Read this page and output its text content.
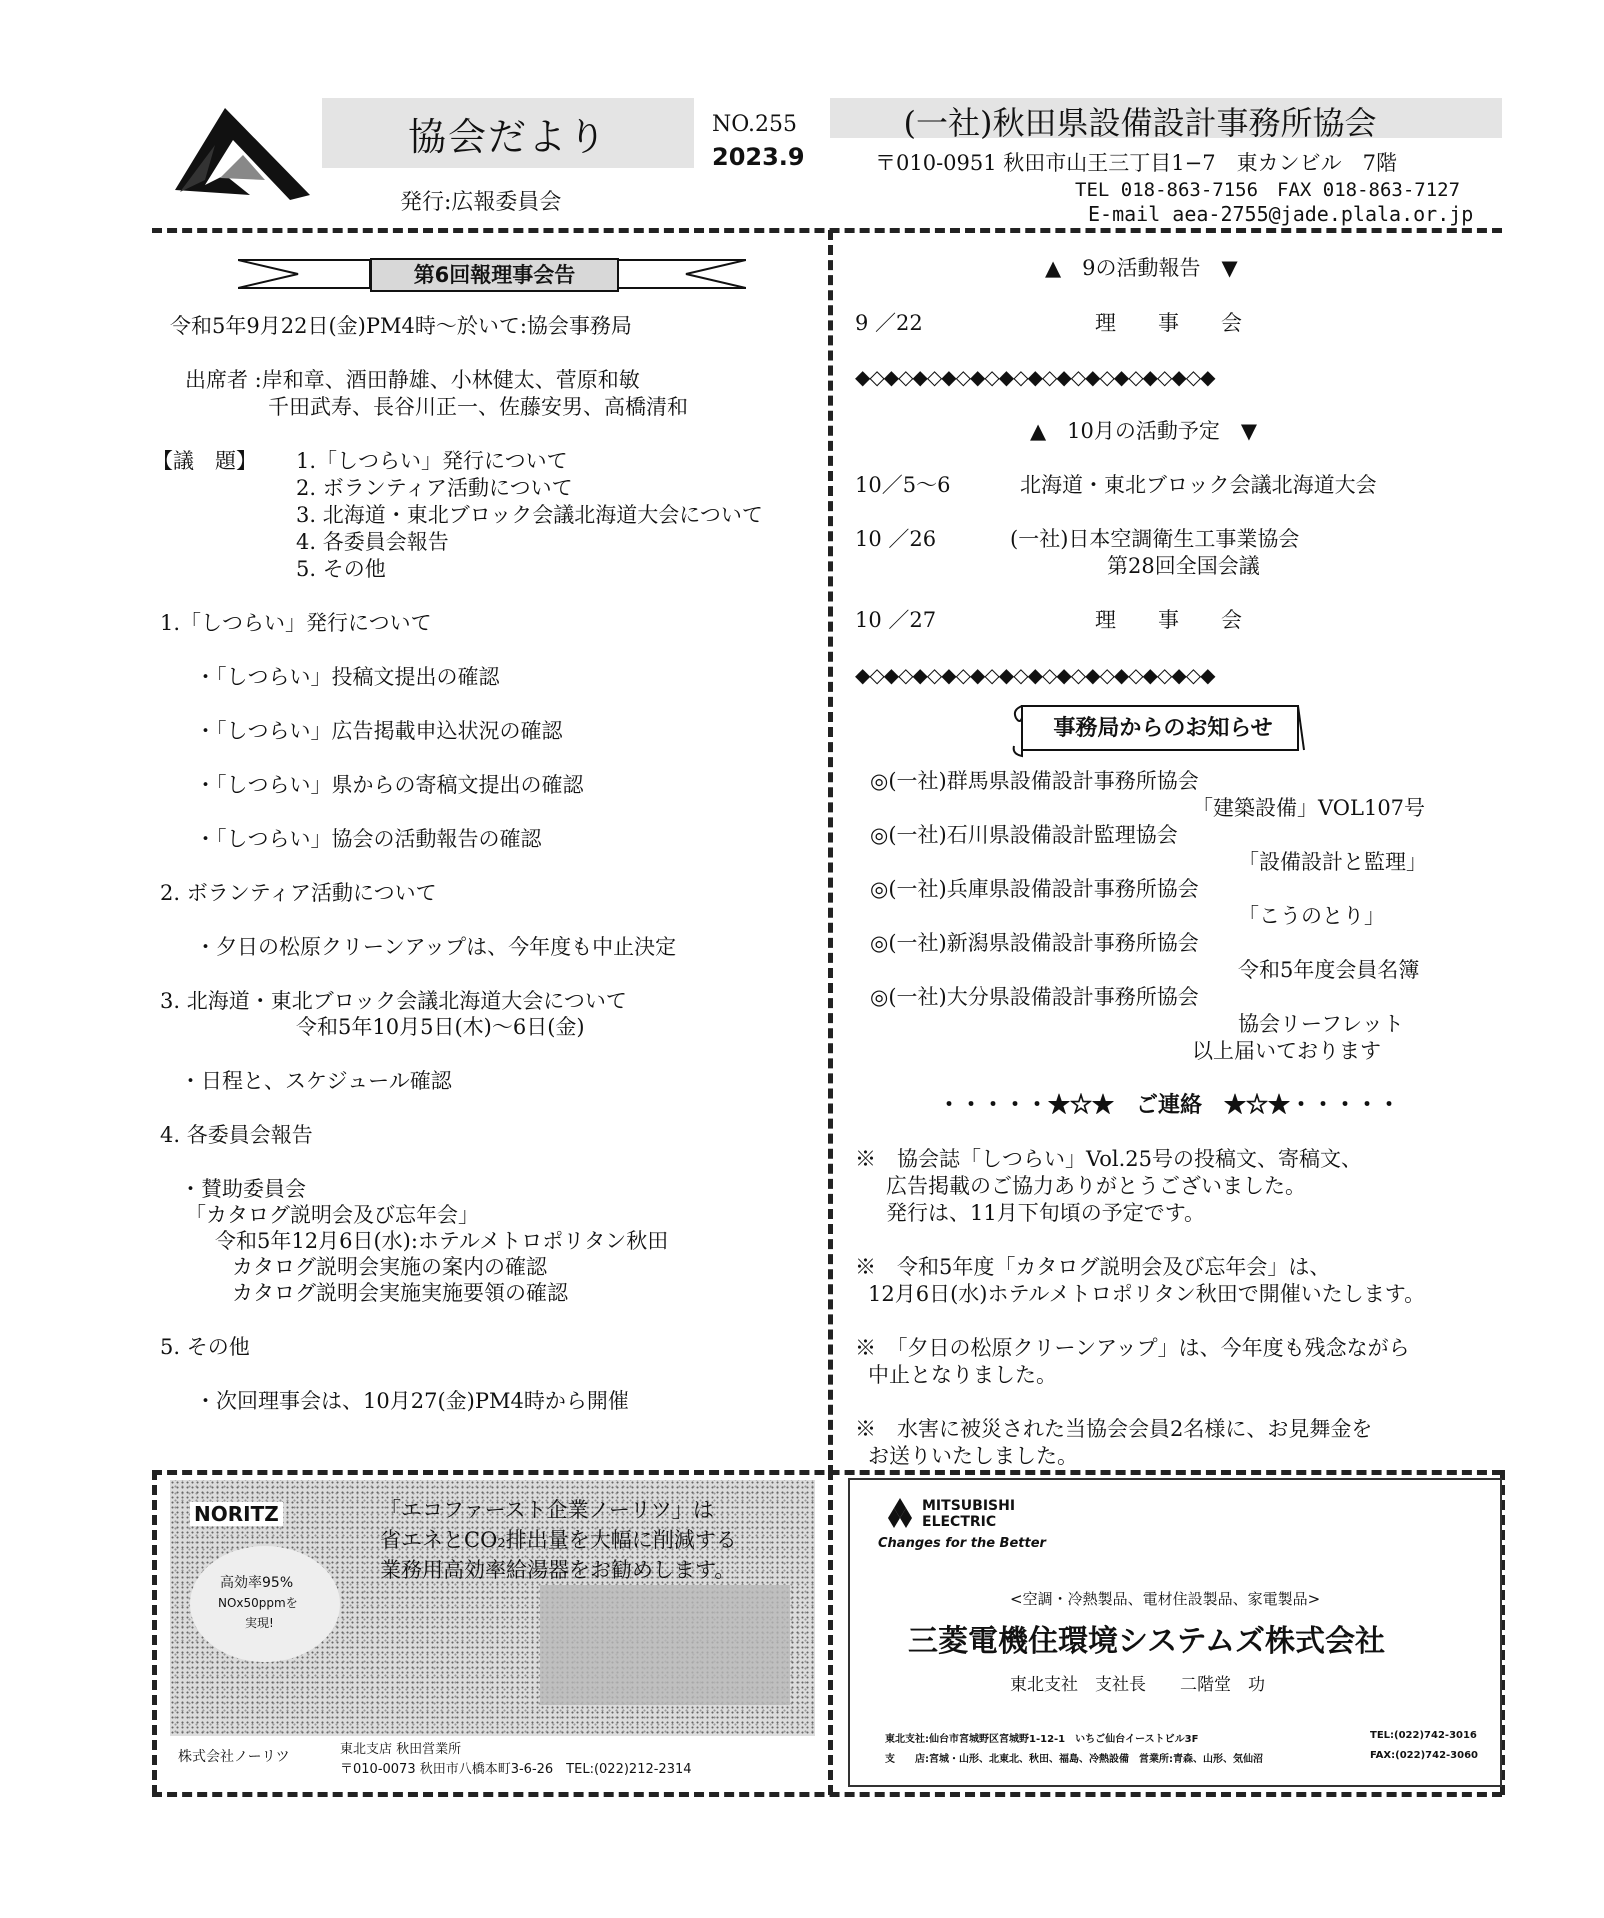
協会だより
発行:広報委員会
NO.255
2023.9
(一社)秋田県設備設計事務所協会
〒010-0951 秋田市山王三丁目1−7　東カンビル　7階
TEL 018-863-7156　FAX 018-863-7127
E-mail aea-2755@jade.plala.or.jp
第6回報理事会告
令和5年9月22日(金)PM4時〜於いて:協会事務局
出席者 :岸和章、酒田静雄、小林健太、菅原和敏
千田武寿、長谷川正一、佐藤安男、高橋清和
【議　題】 1.「しつらい」発行について
2. ボランティア活動について
3. 北海道・東北ブロック会議北海道大会について
4. 各委員会報告
5. その他
1.「しつらい」発行について
・「しつらい」投稿文提出の確認
・「しつらい」広告掲載申込状況の確認
・「しつらい」県からの寄稿文提出の確認
・「しつらい」協会の活動報告の確認
2. ボランティア活動について
・夕日の松原クリーンアップは、今年度も中止決定
3. 北海道・東北ブロック会議北海道大会について
令和5年10月5日(木)〜6日(金)
・日程と、スケジュール確認
4. 各委員会報告
・賛助委員会
「カタログ説明会及び忘年会」
令和5年12月6日(水):ホテルメトロポリタン秋田
カタログ説明会実施の案内の確認
カタログ説明会実施実施要領の確認
5. その他
・次回理事会は、10月27(金)PM4時から開催
▲　9の活動報告　▼
9 ／22	理　　事　　会
◆◇◆◇◆◇◆◇◆◇◆◇◆◇◆◇◆◇◆◇◆◇◆◇◆
▲　10月の活動予定　▼
10／5〜6	北海道・東北ブロック会議北海道大会
10 ／26	(一社)日本空調衛生工事業協会
第28回全国会議
10 ／27	理　　事　　会
◆◇◆◇◆◇◆◇◆◇◆◇◆◇◆◇◆◇◆◇◆◇◆◇◆
事務局からのお知らせ
◎(一社)群馬県設備設計事務所協会
「建築設備」VOL107号
◎(一社)石川県設備設計監理協会
「設備設計と監理」
◎(一社)兵庫県設備設計事務所協会
「こうのとり」
◎(一社)新潟県設備設計事務所協会
令和5年度会員名簿
◎(一社)大分県設備設計事務所協会
協会リーフレット
以上届いております
・・・・・★☆★　ご連絡　★☆★・・・・・
※　協会誌「しつらい」Vol.25号の投稿文、寄稿文、
広告掲載のご協力ありがとうございました。
発行は、11月下旬頃の予定です。
※　令和5年度「カタログ説明会及び忘年会」は、
12月6日(水)ホテルメトロポリタン秋田で開催いたします。
※　「夕日の松原クリーンアップ」は、今年度も残念ながら
中止となりました。
※　水害に被災された当協会会員2名様に、お見舞金を
お送りいたしました。
NORITZ	「エコファースト企業ノーリツ」は
省エネとCO₂排出量を大幅に削減する
業務用高効率給湯器をお勧めします。
高効率95%
NOx50ppmを
実現!
株式会社ノーリツ	東北支店 秋田営業所
〒010-0073 秋田市八橋本町3-6-26　TEL:(022)212-2314
MITSUBISHI
ELECTRIC
Changes for the Better
<空調・冷熱製品、電材住設製品、家電製品>
三菱電機住環境システムズ株式会社
東北支社　支社長　　二階堂　功
東北支社:仙台市宮城野区宮城野1-12-1　いちご仙台イーストビル3F	TEL:(022)742-3016
支　　店:宮城・山形、北東北、秋田、福島、冷熱設備　営業所:青森、山形、気仙沼	FAX:(022)742-3060
